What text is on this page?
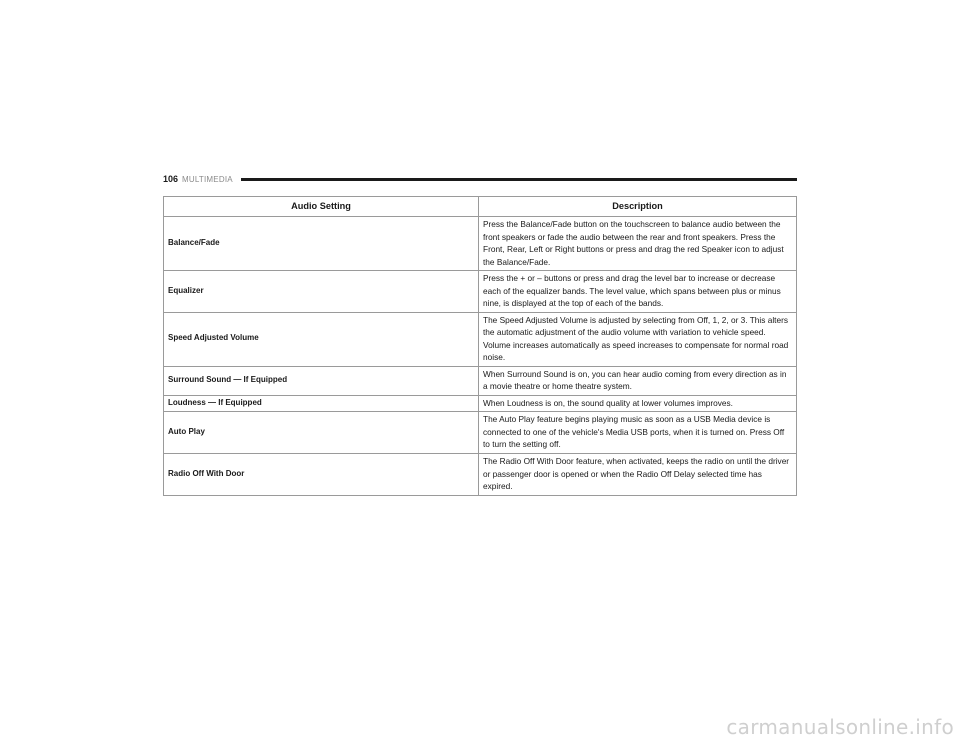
106 MULTIMEDIA
Audio Setting	Description
Balance/Fade	Press the Balance/Fade button on the touchscreen to balance audio between the front speakers or fade the audio between the rear and front speakers. Press the Front, Rear, Left or Right buttons or press and drag the red Speaker icon to adjust the Balance/Fade.
Equalizer	Press the + or – buttons or press and drag the level bar to increase or decrease each of the equalizer bands. The level value, which spans between plus or minus nine, is displayed at the top of each of the bands.
Speed Adjusted Volume	The Speed Adjusted Volume is adjusted by selecting from Off, 1, 2, or 3. This alters the automatic adjustment of the audio volume with variation to vehicle speed. Volume increases automatically as speed increases to compensate for normal road noise.
Surround Sound — If Equipped	When Surround Sound is on, you can hear audio coming from every direction as in a movie theatre or home theatre system.
Loudness — If Equipped	When Loudness is on, the sound quality at lower volumes improves.
Auto Play	The Auto Play feature begins playing music as soon as a USB Media device is connected to one of the vehicle's Media USB ports, when it is turned on. Press Off to turn the setting off.
Radio Off With Door	The Radio Off With Door feature, when activated, keeps the radio on until the driver or passenger door is opened or when the Radio Off Delay selected time has expired.
carmanualsonline.info
